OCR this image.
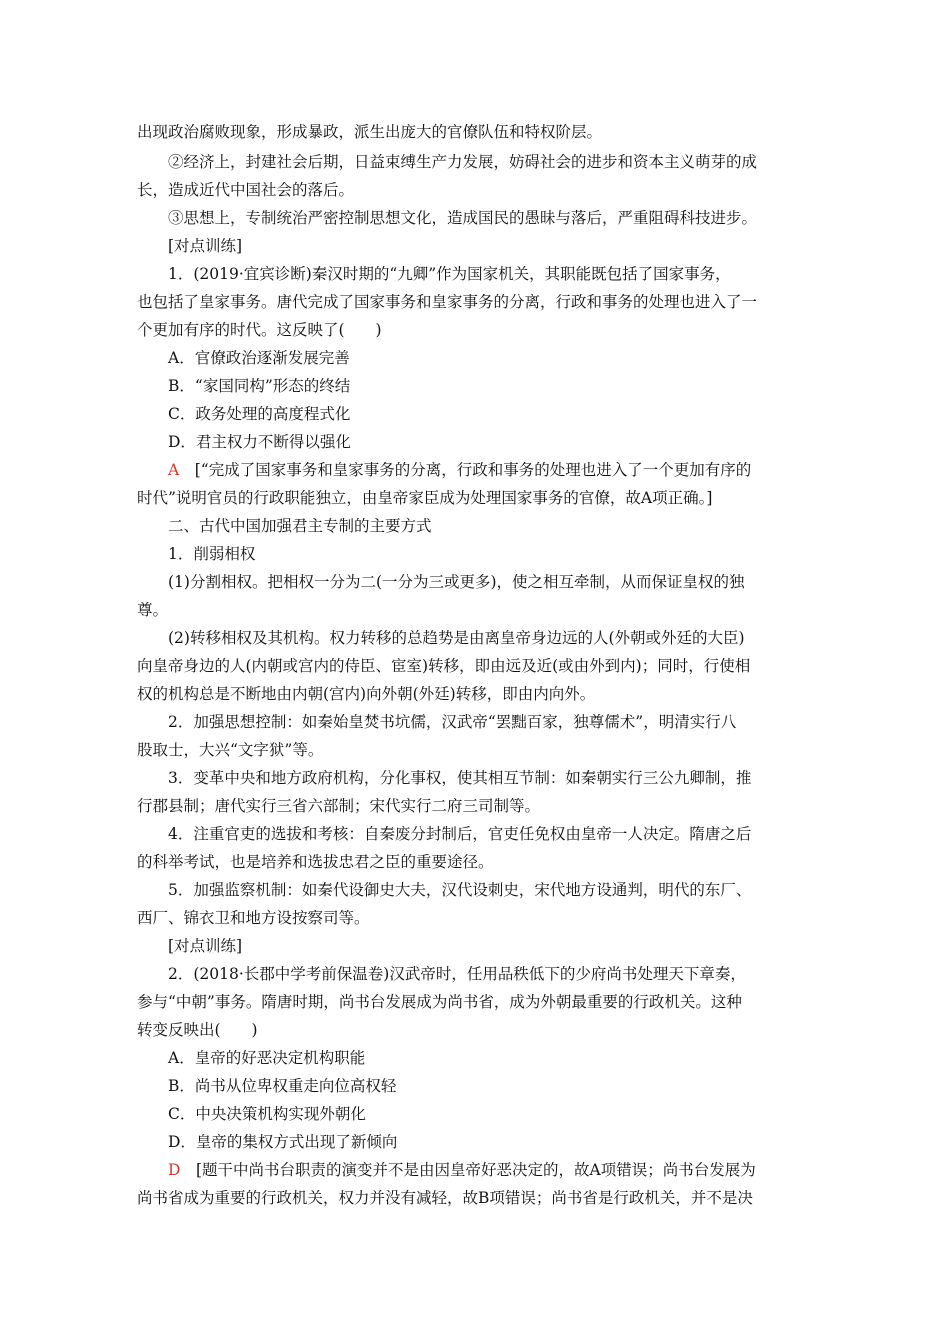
出现政治腐败现象，形成暴政，派生出庞大的官僚队伍和特权阶层。
②经济上，封建社会后期，日益束缚生产力发展，妨碍社会的进步和资本主义萌芽的成
长，造成近代中国社会的落后。
③思想上，专制统治严密控制思想文化，造成国民的愚昧与落后，严重阻碍科技进步。
[对点训练]
1．(2019·宜宾诊断)秦汉时期的“九卿”作为国家机关，其职能既包括了国家事务，
也包括了皇家事务。唐代完成了国家事务和皇家事务的分离，行政和事务的处理也进入了一
个更加有序的时代。这反映了(　　)
A．官僚政治逐渐发展完善
B．“家国同构”形态的终结
C．政务处理的高度程式化
D．君主权力不断得以强化
A　 [“完成了国家事务和皇家事务的分离，行政和事务的处理也进入了一个更加有序的
时代”说明官员的行政职能独立，由皇帝家臣成为处理国家事务的官僚，故A项正确。]
二、古代中国加强君主专制的主要方式
1．削弱相权
(1)分割相权。把相权一分为二(一分为三或更多)，使之相互牵制，从而保证皇权的独
尊。
(2)转移相权及其机构。权力转移的总趋势是由离皇帝身边远的人(外朝或外廷的大臣)
向皇帝身边的人(内朝或宫内的侍臣、宦室)转移，即由远及近(或由外到内)；同时，行使相
权的机构总是不断地由内朝(宫内)向外朝(外廷)转移，即由内向外。
2．加强思想控制：如秦始皇焚书坑儒，汉武帝“罢黜百家，独尊儒术”，明清实行八
股取士，大兴“文字狱”等。
3．变革中央和地方政府机构，分化事权，使其相互节制：如秦朝实行三公九卿制，推
行郡县制；唐代实行三省六部制；宋代实行二府三司制等。
4．注重官吏的选拔和考核：自秦废分封制后，官吏任免权由皇帝一人决定。隋唐之后
的科举考试，也是培养和选拔忠君之臣的重要途径。
5．加强监察机制：如秦代设御史大夫，汉代设刺史，宋代地方设通判，明代的东厂、
西厂、锦衣卫和地方设按察司等。
[对点训练]
2．(2018·长郡中学考前保温卷)汉武帝时，任用品秩低下的少府尚书处理天下章奏，
参与“中朝”事务。隋唐时期，尚书台发展成为尚书省，成为外朝最重要的行政机关。这种
转变反映出(　　)
A．皇帝的好恶决定机构职能
B．尚书从位卑权重走向位高权轻
C．中央决策机构实现外朝化
D．皇帝的集权方式出现了新倾向
D　 [题干中尚书台职责的演变并不是由因皇帝好恶决定的，故A项错误；尚书台发展为
尚书省成为重要的行政机关，权力并没有减轻，故B项错误；尚书省是行政机关，并不是决
